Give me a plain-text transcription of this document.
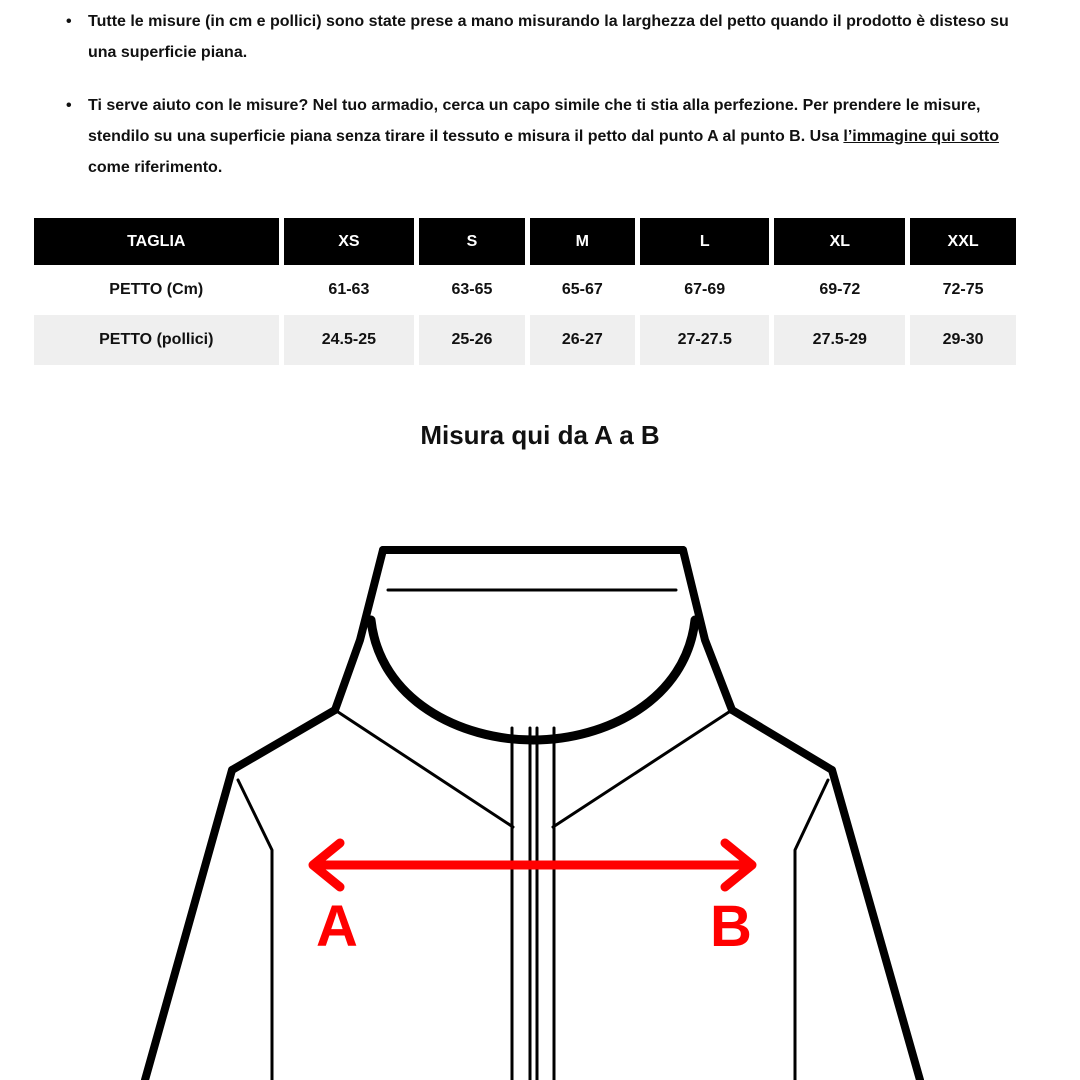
• Tutte le misure (in cm e pollici) sono state prese a mano misurando la larghezza del petto quando il prodotto è disteso su una superficie piana.

• Ti serve aiuto con le misure? Nel tuo armadio, cerca un capo simile che ti stia alla perfezione. Per prendere le misure, stendilo su una superficie piana senza tirare il tessuto e misura il petto dal punto A al punto B. Usa l’immagine qui sotto come riferimento.

TAGLIA	XS	S	M	L	XL	XXL
PETTO (Cm)	61-63	63-65	65-67	67-69	69-72	72-75
PETTO (pollici)	24.5-25	25-26	26-27	27-27.5	27.5-29	29-30
Misura qui da A a B
A	B
